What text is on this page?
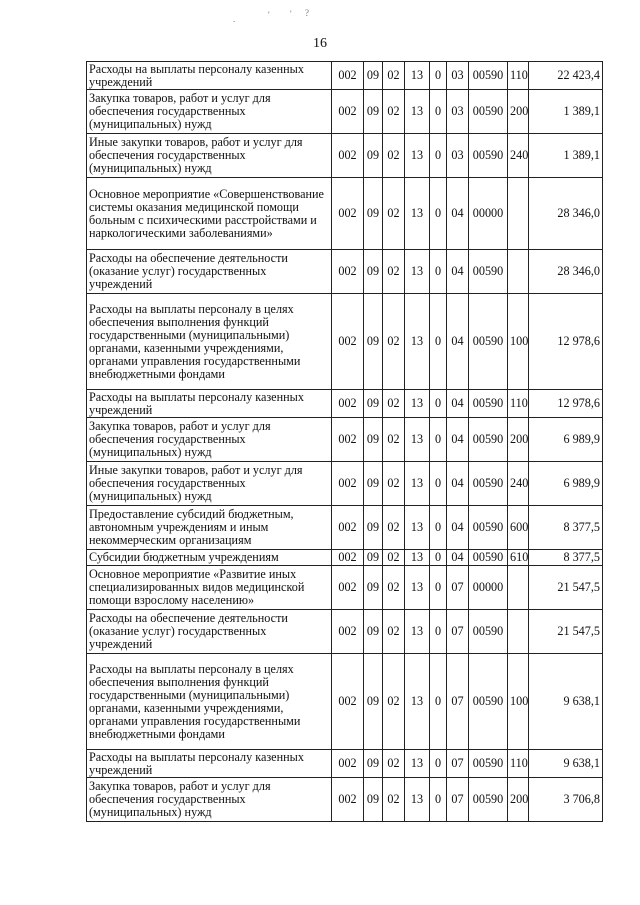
.	' ' ?
16
Расходы на выплаты персоналу казенных учреждений	002	09	02	13	0	03	00590	110	22 423,4
Закупка товаров, работ и услуг для обеспечения государственных (муниципальных) нужд	002	09	02	13	0	03	00590	200	1 389,1
Иные закупки товаров, работ и услуг для обеспечения государственных (муниципальных) нужд	002	09	02	13	0	03	00590	240	1 389,1
Основное мероприятие «Совершенствование системы оказания медицинской помощи больным с психическими расстройствами и наркологическими заболеваниями»	002	09	02	13	0	04	00000		28 346,0
Расходы на обеспечение деятельности (оказание услуг) государственных учреждений	002	09	02	13	0	04	00590		28 346,0
Расходы на выплаты персоналу в целях обеспечения выполнения функций государственными (муниципальными) органами, казенными учреждениями, органами управления государственными внебюджетными фондами	002	09	02	13	0	04	00590	100	12 978,6
Расходы на выплаты персоналу казенных учреждений	002	09	02	13	0	04	00590	110	12 978,6
Закупка товаров, работ и услуг для обеспечения государственных (муниципальных) нужд	002	09	02	13	0	04	00590	200	6 989,9
Иные закупки товаров, работ и услуг для обеспечения государственных (муниципальных) нужд	002	09	02	13	0	04	00590	240	6 989,9
Предоставление субсидий бюджетным, автономным учреждениям и иным некоммерческим организациям	002	09	02	13	0	04	00590	600	8 377,5
Субсидии бюджетным учреждениям	002	09	02	13	0	04	00590	610	8 377,5
Основное мероприятие «Развитие иных специализированных видов медицинской помощи взрослому населению»	002	09	02	13	0	07	00000		21 547,5
Расходы на обеспечение деятельности (оказание услуг) государственных учреждений	002	09	02	13	0	07	00590		21 547,5
Расходы на выплаты персоналу в целях обеспечения выполнения функций государственными (муниципальными) органами, казенными учреждениями, органами управления государственными внебюджетными фондами	002	09	02	13	0	07	00590	100	9 638,1
Расходы на выплаты персоналу казенных учреждений	002	09	02	13	0	07	00590	110	9 638,1
Закупка товаров, работ и услуг для обеспечения государственных (муниципальных) нужд	002	09	02	13	0	07	00590	200	3 706,8
